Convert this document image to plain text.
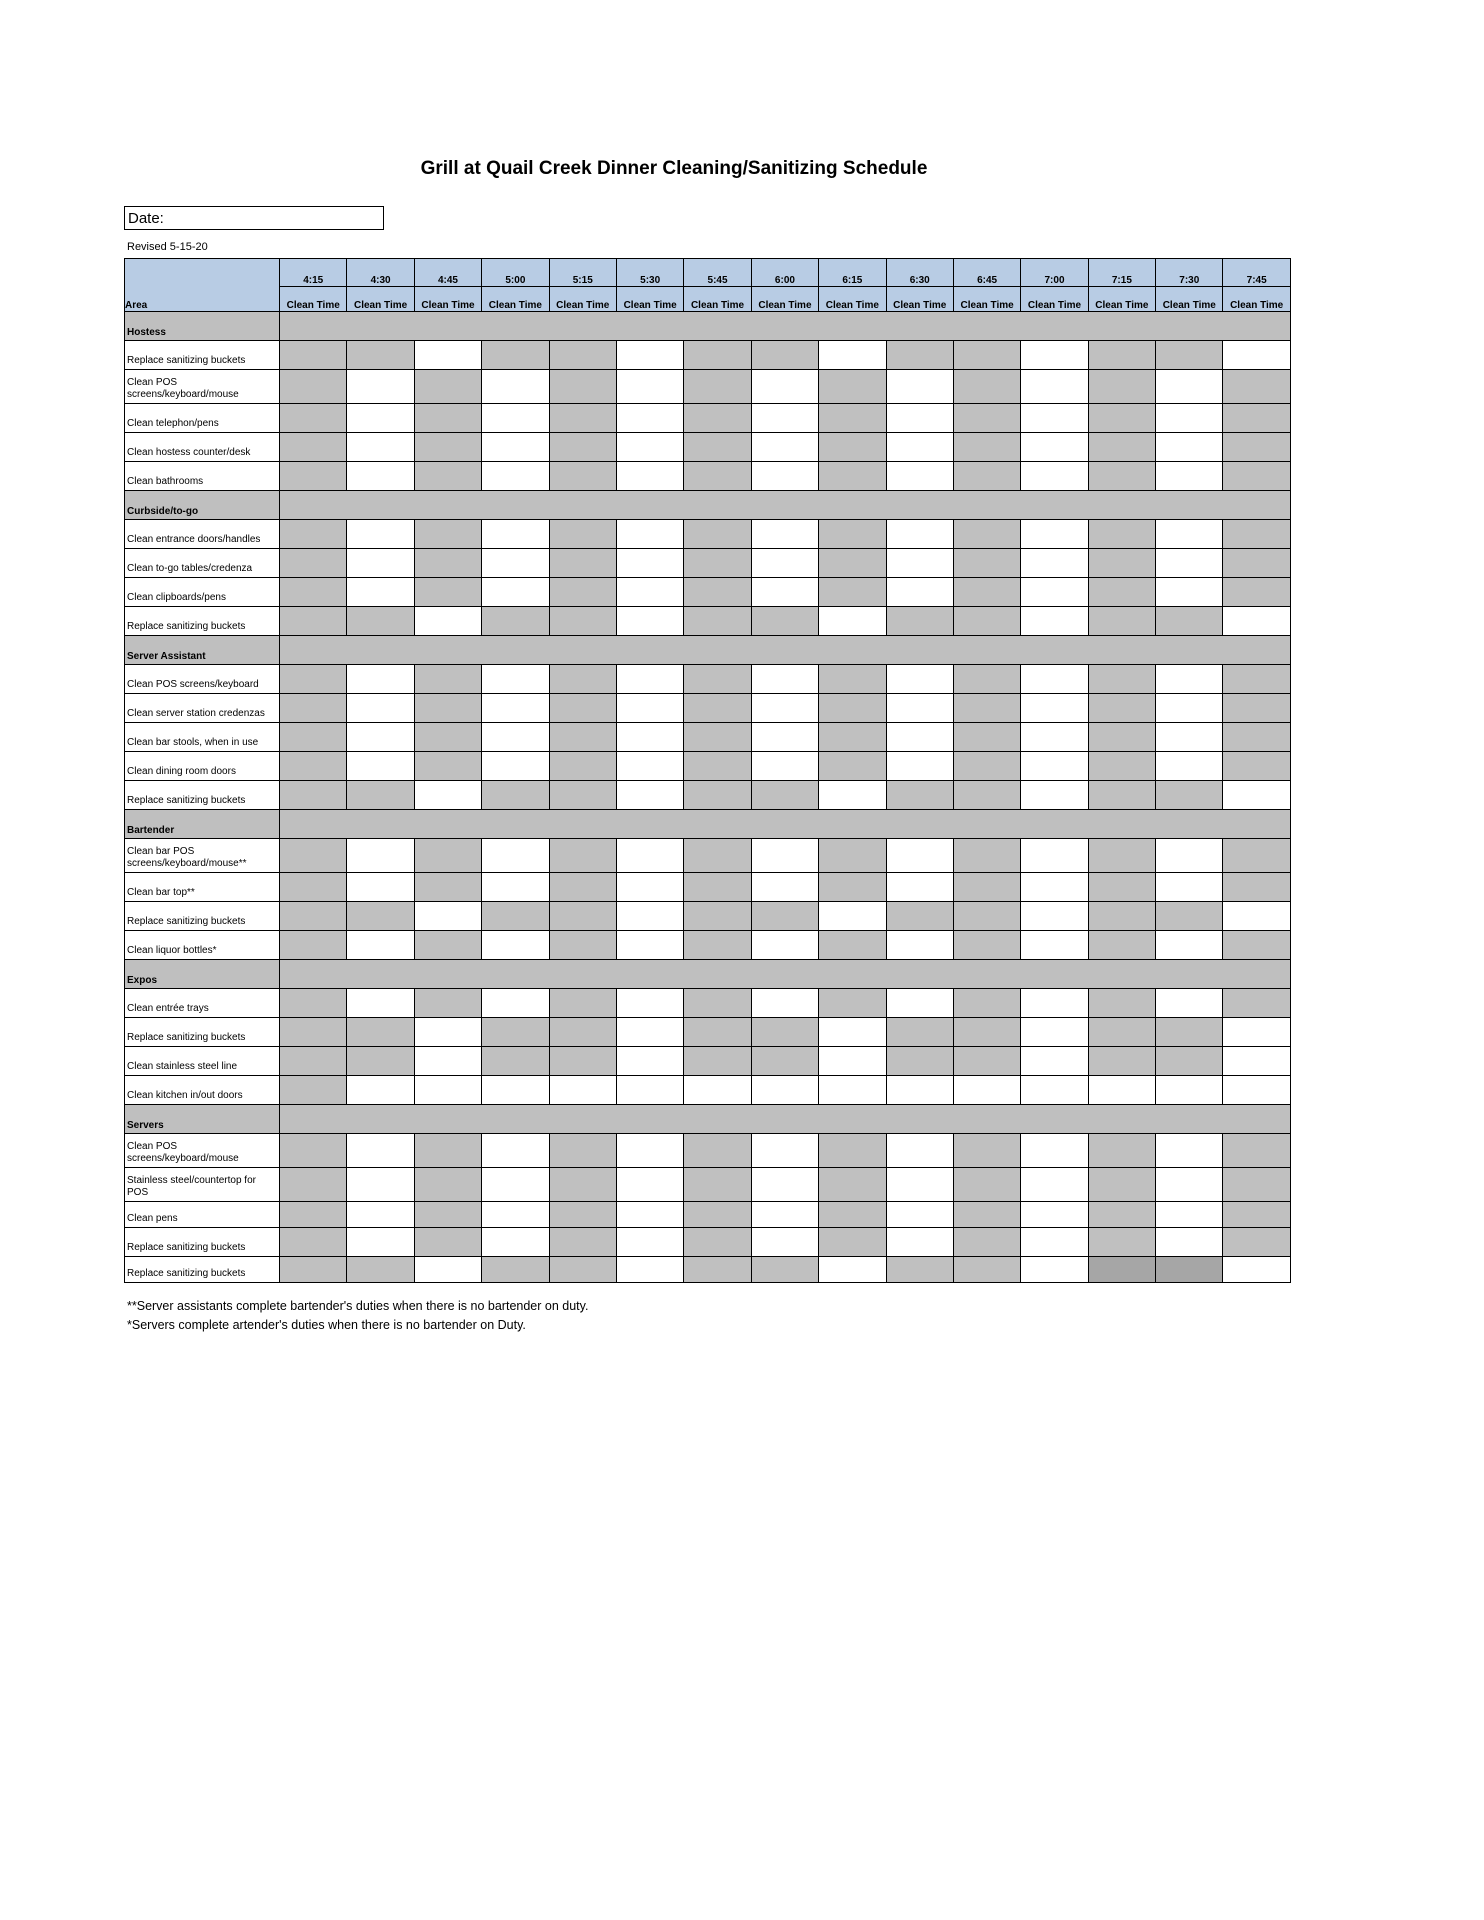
Grill at Quail Creek Dinner Cleaning/Sanitizing Schedule
Date:
Revised 5-15-20
Area	4:15	4:30	4:45	5:00	5:15	5:30	5:45	6:00	6:15	6:30	6:45	7:00	7:15	7:30	7:45
	Clean Time	Clean Time	Clean Time	Clean Time	Clean Time	Clean Time	Clean Time	Clean Time	Clean Time	Clean Time	Clean Time	Clean Time	Clean Time	Clean Time	Clean Time
Hostess															
Replace sanitizing buckets															
Clean POS screens/keyboard/mouse															
Clean telephon/pens															
Clean hostess counter/desk															
Clean bathrooms															
Curbside/to-go															
Clean entrance doors/handles															
Clean to-go tables/credenza															
Clean clipboards/pens															
Replace sanitizing buckets															
Server Assistant															
Clean POS screens/keyboard															
Clean server station credenzas															
Clean bar stools, when in use															
Clean dining room doors															
Replace sanitizing buckets															
Bartender															
Clean bar POS screens/keyboard/mouse**															
Clean bar top**															
Replace sanitizing buckets															
Clean liquor bottles*															
Expos															
Clean entrée trays															
Replace sanitizing buckets															
Clean stainless steel line															
Clean kitchen in/out doors															
Servers															
Clean POS screens/keyboard/mouse															
Stainless steel/countertop for POS															
Clean pens															
Replace sanitizing buckets															
Replace sanitizing buckets															
**Server assistants complete bartender's duties when there is no bartender on duty.
*Servers complete artender's duties when there is no bartender on Duty.
